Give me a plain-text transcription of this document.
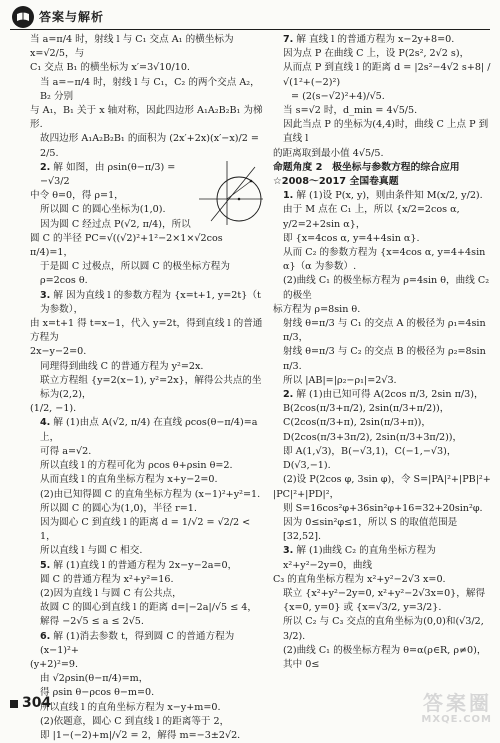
答案与解析

当 a=π/4 时，射线 l 与 C₁ 交点 A₁ 的横坐标为 x=√2/5，与

C₁ 交点 B₁ 的横坐标为 x′=3√10/10.

当 a=−π/4 时，射线 l 与 C₁，C₂ 的两个交点 A₂，B₂ 分别

与 A₁，B₁ 关于 x 轴对称，因此四边形 A₁A₂B₂B₁ 为梯形.

故四边形 A₁A₂B₂B₁ 的面积为 (2x′+2x)(x′−x)/2 = 2/5.

2. 解 如图，由 ρsin(θ−π/3) = −√3/2

中令 θ=0，得 ρ=1，

所以圆 C 的圆心坐标为(1,0).

因为圆 C 经过点 P(√2, π/4)，所以

圆 C 的半径 PC=√((√2)²+1²−2×1×√2cos π/4)=1，

于是圆 C 过极点，所以圆 C 的极坐标方程为 ρ=2cos θ.

3. 解 因为直线 l 的参数方程为 {x=t+1, y=2t}（t 为参数），

由 x=t+1 得 t=x−1，代入 y=2t，得到直线 l 的普通方程为

2x−y−2=0.

同理得到曲线 C 的普通方程为 y²=2x.

联立方程组 {y=2(x−1), y²=2x}，解得公共点的坐标为(2,2)，

(1/2, −1).

4. 解 (1)由点 A(√2, π/4) 在直线 ρcos(θ−π/4)=a 上，

可得 a=√2.

所以直线 l 的方程可化为 ρcos θ+ρsin θ=2.

从而直线 l 的直角坐标方程为 x+y−2=0.

(2)由已知得圆 C 的直角坐标方程为 (x−1)²+y²=1.

所以圆 C 的圆心为(1,0)，半径 r=1.

因为圆心 C 到直线 l 的距离 d = 1/√2 = √2/2 < 1，

所以直线 l 与圆 C 相交.

5. 解 (1)直线 l 的普通方程为 2x−y−2a=0，

圆 C 的普通方程为 x²+y²=16.

(2)因为直线 l 与圆 C 有公共点，

故圆 C 的圆心到直线 l 的距离 d=|−2a|/√5 ≤ 4，

解得 −2√5 ≤ a ≤ 2√5.

6. 解 (1)消去参数 t，得到圆 C 的普通方程为 (x−1)²+

(y+2)²=9.

由 √2ρsin(θ−π/4)=m，

得 ρsin θ−ρcos θ−m=0.

所以直线 l 的直角坐标方程为 x−y+m=0.

(2)依题意，圆心 C 到直线 l 的距离等于 2，

即 |1−(−2)+m|/√2 = 2，解得 m=−3±2√2.

7. 解 直线 l 的普通方程为 x−2y+8=0.

因为点 P 在曲线 C 上，设 P(2s², 2√2 s)，

从而点 P 到直线 l 的距离 d = |2s²−4√2 s+8| / √(1²+(−2)²)

= (2(s−√2)²+4)/√5.

当 s=√2 时，d_min = 4√5/5.

因此当点 P 的坐标为(4,4)时，曲线 C 上点 P 到直线 l

的距离取到最小值 4√5/5.

命题角度 2　极坐标与参数方程的综合应用

☆2008～2017 全国卷真题

1. 解 (1)设 P(x, y)，则由条件知 M(x/2, y/2).

由于 M 点在 C₁ 上，所以 {x/2=2cos α, y/2=2+2sin α}，

即 {x=4cos α, y=4+4sin α}.

从而 C₂ 的参数方程为 {x=4cos α, y=4+4sin α}（α 为参数）.

(2)曲线 C₁ 的极坐标方程为 ρ=4sin θ，曲线 C₂ 的极坐

标方程为 ρ=8sin θ.

射线 θ=π/3 与 C₁ 的交点 A 的极径为 ρ₁=4sin π/3，

射线 θ=π/3 与 C₂ 的交点 B 的极径为 ρ₂=8sin π/3.

所以 |AB|=|ρ₂−ρ₁|=2√3.

2. 解 (1)由已知可得 A(2cos π/3, 2sin π/3)，

B(2cos(π/3+π/2), 2sin(π/3+π/2))，

C(2cos(π/3+π), 2sin(π/3+π))，

D(2cos(π/3+3π/2), 2sin(π/3+3π/2))，

即 A(1,√3)，B(−√3,1)，C(−1,−√3)，D(√3,−1).

(2)设 P(2cos φ, 3sin φ)，令 S=|PA|²+|PB|²+

|PC|²+|PD|²，

则 S=16cos²φ+36sin²φ+16=32+20sin²φ.

因为 0≤sin²φ≤1，所以 S 的取值范围是[32,52].

3. 解 (1)曲线 C₂ 的直角坐标方程为 x²+y²−2y=0，曲线

C₃ 的直角坐标方程为 x²+y²−2√3 x=0.

联立 {x²+y²−2y=0, x²+y²−2√3x=0}，解得 {x=0, y=0} 或 {x=√3/2, y=3/2}.

所以 C₂ 与 C₃ 交点的直角坐标为(0,0)和(√3/2, 3/2).

(2)曲线 C₁ 的极坐标方程为 θ=α(ρ∈R, ρ≠0)，其中 0≤

304	答案圈
MXQE.COM
